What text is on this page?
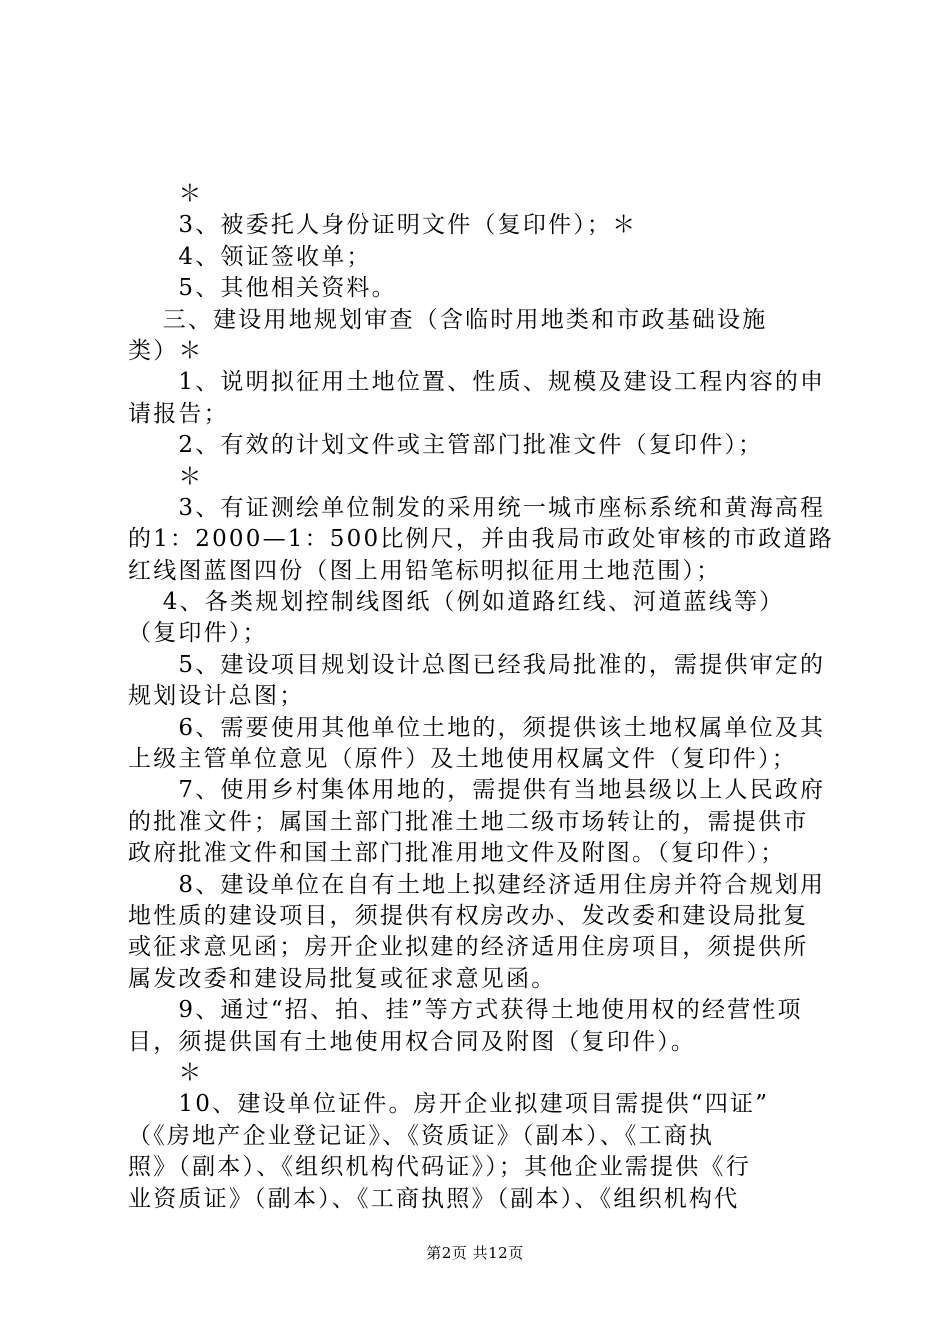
　　＊
　　3、被委托人身份证明文件（复印件）；＊
　　4、领证签收单；
　　5、其他相关资料。
　 三、建设用地规划审查（含临时用地类和市政基础设施
类）＊
　　1、说明拟征用土地位置、性质、规模及建设工程内容的申
请报告；
　　2、有效的计划文件或主管部门批准文件（复印件）；
　　＊
　　3、有证测绘单位制发的采用统一城市座标系统和黄海高程
的1：2000—1：500比例尺，并由我局市政处审核的市政道路
红线图蓝图四份（图上用铅笔标明拟征用土地范围）；
　 4、各类规划控制线图纸（例如道路红线、河道蓝线等）
（复印件）；
　　5、建设项目规划设计总图已经我局批准的，需提供审定的
规划设计总图；
　　6、需要使用其他单位土地的，须提供该土地权属单位及其
上级主管单位意见（原件）及土地使用权属文件（复印件）；
　　7、使用乡村集体用地的，需提供有当地县级以上人民政府
的批准文件；属国土部门批准土地二级市场转让的，需提供市
政府批准文件和国土部门批准用地文件及附图。（复印件）；
　　8、建设单位在自有土地上拟建经济适用住房并符合规划用
地性质的建设项目，须提供有权房改办、发改委和建设局批复
或征求意见函；房开企业拟建的经济适用住房项目，须提供所
属发改委和建设局批复或征求意见函。
　　9、通过“招、拍、挂”等方式获得土地使用权的经营性项
目，须提供国有土地使用权合同及附图（复印件）。
　　＊
　　10、建设单位证件。房开企业拟建项目需提供“四证”
（《房地产企业登记证》、《资质证》（副本）、《工商执
照》（副本）、《组织机构代码证》）；其他企业需提供《行
业资质证》（副本）、《工商执照》（副本）、《组织机构代
第2页 共12页
